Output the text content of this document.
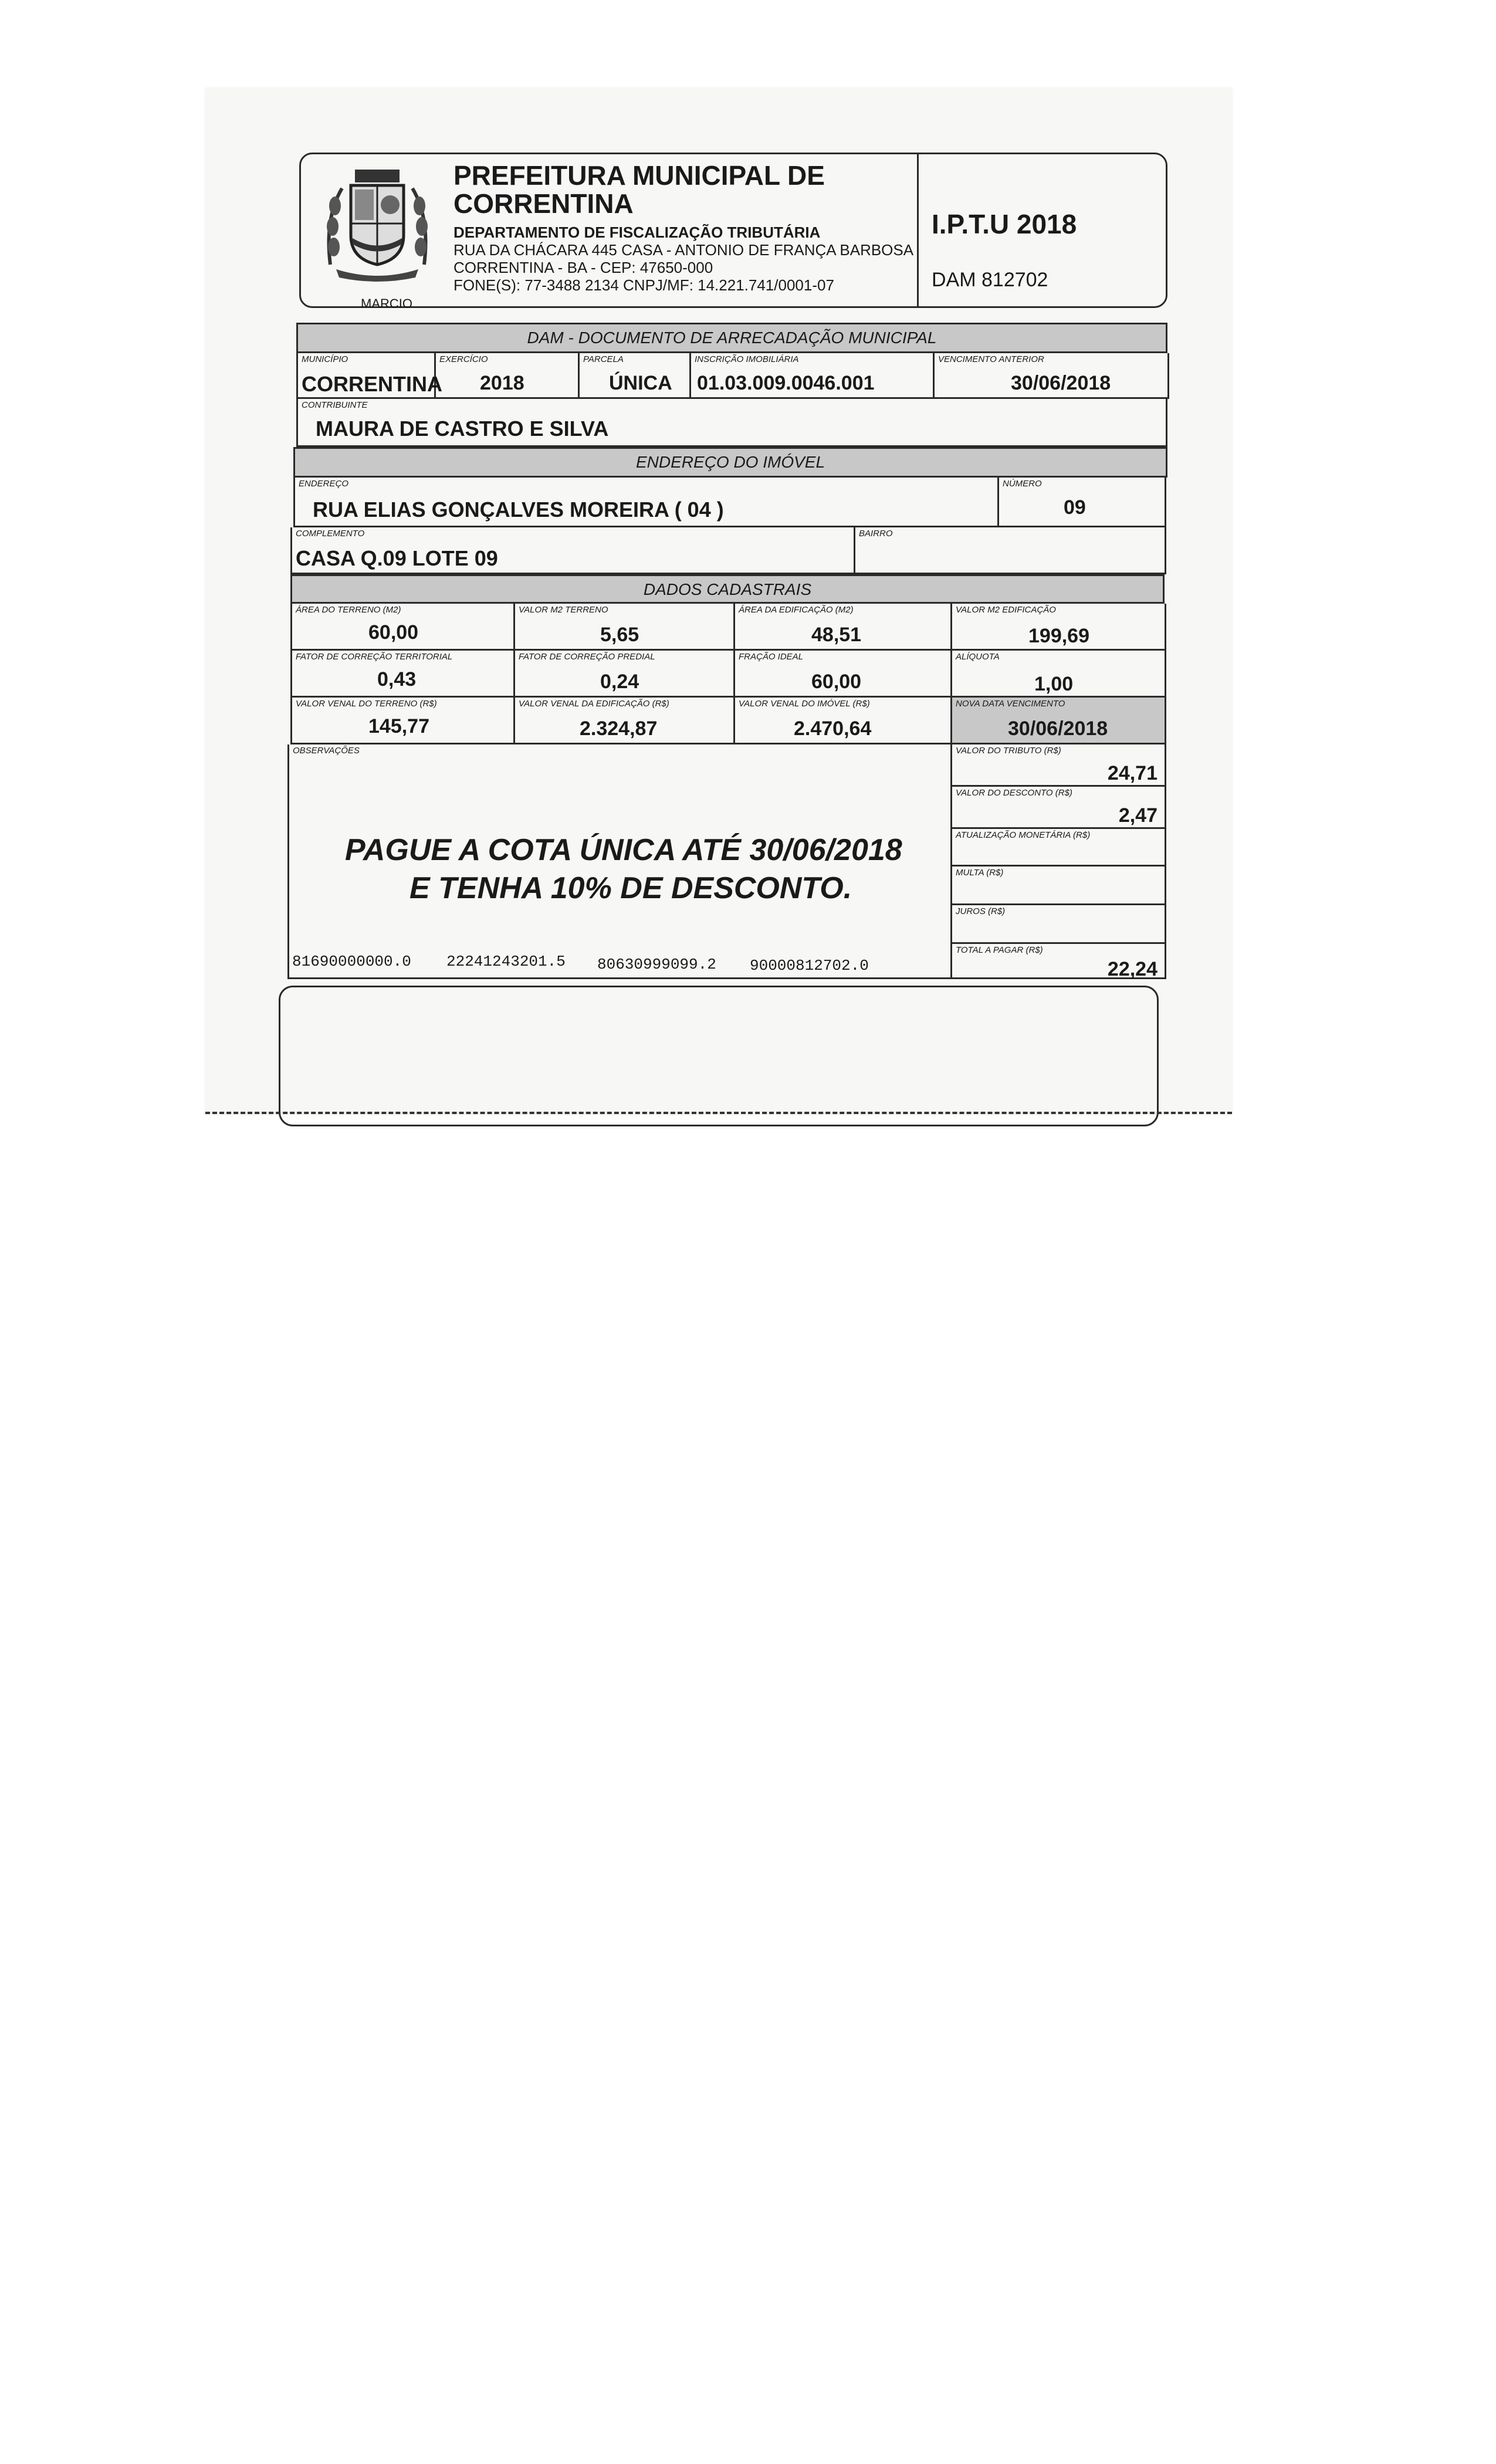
PREFEITURA MUNICIPAL DE
CORRENTINA
DEPARTAMENTO DE FISCALIZAÇÃO TRIBUTÁRIA
RUA DA CHÁCARA 445 CASA - ANTONIO DE FRANÇA BARBOSA
CORRENTINA - BA - CEP: 47650-000
FONE(S): 77-3488 2134 CNPJ/MF: 14.221.741/0001-07
I.P.T.U 2018
DAM 812702
MARCIO
DAM - DOCUMENTO DE ARRECADAÇÃO MUNICIPAL
MUNICÍPIO
CORRENTINA
EXERCÍCIO
2018
PARCELA
ÚNICA
INSCRIÇÃO IMOBILIÁRIA
01.03.009.0046.001
VENCIMENTO ANTERIOR
30/06/2018
CONTRIBUINTE
MAURA DE CASTRO E SILVA
ENDEREÇO DO IMÓVEL
ENDEREÇO
RUA ELIAS GONÇALVES MOREIRA ( 04 )
NÚMERO
09
COMPLEMENTO
CASA Q.09 LOTE 09
BAIRRO
DADOS CADASTRAIS
ÁREA DO TERRENO (M2)
60,00
VALOR M2 TERRENO
5,65
ÁREA DA EDIFICAÇÃO (M2)
48,51
VALOR M2 EDIFICAÇÃO
199,69
FATOR DE CORREÇÃO TERRITORIAL
0,43
FATOR DE CORREÇÃO PREDIAL
0,24
FRAÇÃO IDEAL
60,00
ALÍQUOTA
1,00
VALOR VENAL DO TERRENO (R$)
145,77
VALOR VENAL DA EDIFICAÇÃO (R$)
2.324,87
VALOR VENAL DO IMÓVEL (R$)
2.470,64
NOVA DATA VENCIMENTO
30/06/2018
OBSERVAÇÕES
PAGUE A COTA ÚNICA ATÉ 30/06/2018
E TENHA 10% DE DESCONTO.
81690000000.0 22241243201.5 80630999099.2 90000812702.0
VALOR DO TRIBUTO (R$)
24,71
VALOR DO DESCONTO (R$)
2,47
ATUALIZAÇÃO MONETÁRIA (R$)
MULTA (R$)
JUROS (R$)
TOTAL A PAGAR (R$)
22,24
